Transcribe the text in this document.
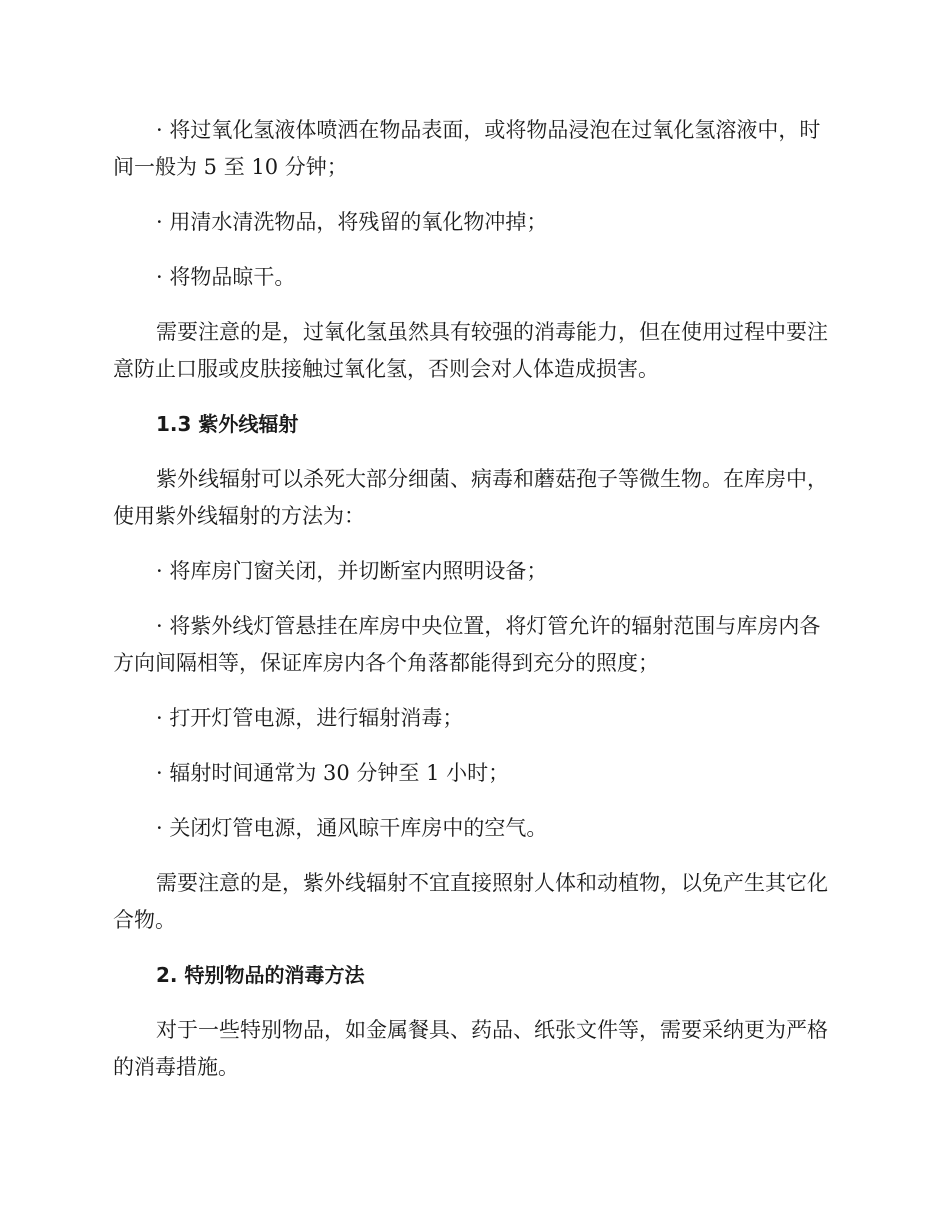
· 将过氧化氢液体喷洒在物品表面，或将物品浸泡在过氧化氢溶液中，时间一般为 5 至 10 分钟；

· 用清水清洗物品，将残留的氧化物冲掉；

· 将物品晾干。

需要注意的是，过氧化氢虽然具有较强的消毒能力，但在使用过程中要注意防止口服或皮肤接触过氧化氢，否则会对人体造成损害。

1.3 紫外线辐射

紫外线辐射可以杀死大部分细菌、病毒和蘑菇孢子等微生物。在库房中，使用紫外线辐射的方法为：

· 将库房门窗关闭，并切断室内照明设备；

· 将紫外线灯管悬挂在库房中央位置，将灯管允许的辐射范围与库房内各方向间隔相等，保证库房内各个角落都能得到充分的照度；

· 打开灯管电源，进行辐射消毒；

· 辐射时间通常为 30 分钟至 1 小时；

· 关闭灯管电源，通风晾干库房中的空气。

需要注意的是，紫外线辐射不宜直接照射人体和动植物，以免产生其它化合物。

2. 特别物品的消毒方法

对于一些特别物品，如金属餐具、药品、纸张文件等，需要采纳更为严格的消毒措施。
